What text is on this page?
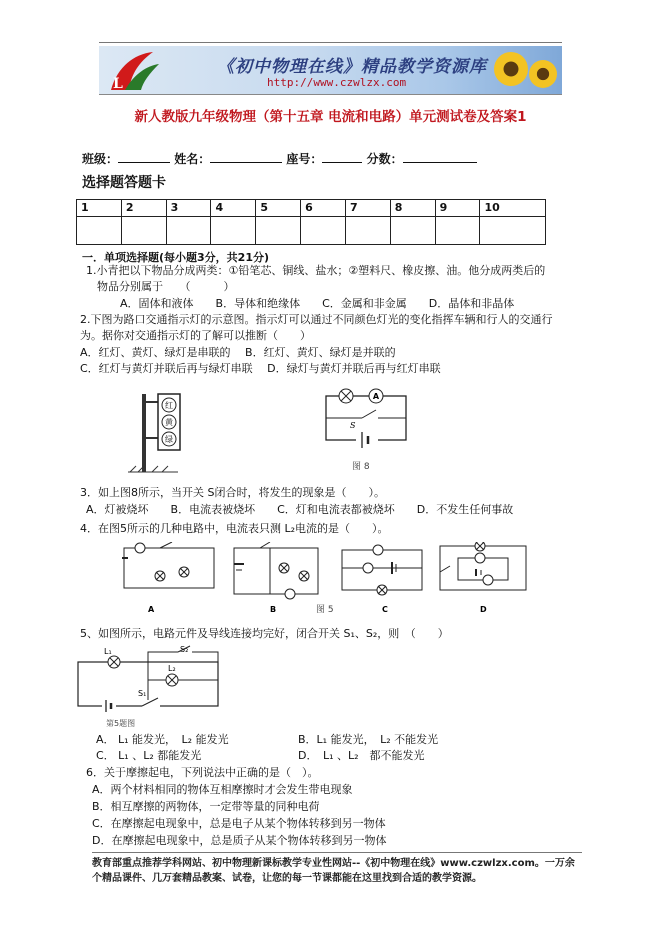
L
《初中物理在线》精品教学资源库
http://www.czwlzx.com
新人教版九年级物理（第十五章 电流和电路）单元测试卷及答案1
班级：	姓名：	座号：	分数：
选择题答题卡
1	2	3	4	5	6	7	8	9	10

一．单项选择题(每小题3分，共21分)
1.小青把以下物品分成两类：①铅笔芯、铜线、盐水；②塑料尺、橡皮擦、油。他分成两类后的
物品分别属于　　（　　　）
A．固体和液体　　B．导体和绝缘体　　C．金属和非金属　　D．晶体和非晶体
2.下图为路口交通指示灯的示意图。指示灯可以通过不同颜色灯光的变化指挥车辆和行人的交通行
为。据你对交通指示灯的了解可以推断（　　）
A．红灯、黄灯、绿灯是串联的　 B．红灯、黄灯、绿灯是并联的
C．红灯与黄灯并联后再与绿灯串联　 D．绿灯与黄灯并联后再与红灯串联
红
黄
绿
A
S
图 8
3．如上图8所示，当开关 S闭合时，将发生的现象是（　　）。
A．灯被烧坏　　B．电流表被烧坏　　C．灯和电流表都被烧坏　　D．不发生任何事故
4．在图5所示的几种电路中，电流表只测 L₂电流的是（　　）。
A	B	C	D
图 5
5、如图所示，电路元件及导线连接均完好，闭合开关 S₁、S₂，则　（　　）
L₁	S₂
L₂
S₁
第5题图
A． L₁ 能发光，　L₂ 能发光	B．L₁ 能发光，　L₂ 不能发光
C． L₁ 、L₂ 都能发光	D．　L₁ 、L₂　都不能发光
6．关于摩擦起电，下列说法中正确的是（　）。
A．两个材料相同的物体互相摩擦时才会发生带电现象
B．相互摩擦的两物体，一定带等量的同种电荷
C．在摩擦起电现象中，总是电子从某个物体转移到另一物体
D．在摩擦起电现象中，总是质子从某个物体转移到另一物体
教育部重点推荐学科网站、初中物理新课标教学专业性网站--《初中物理在线》www.czwlzx.com。一万余个精品课件、几万套精品教案、试卷，让您的每一节课都能在这里找到合适的教学资源。
